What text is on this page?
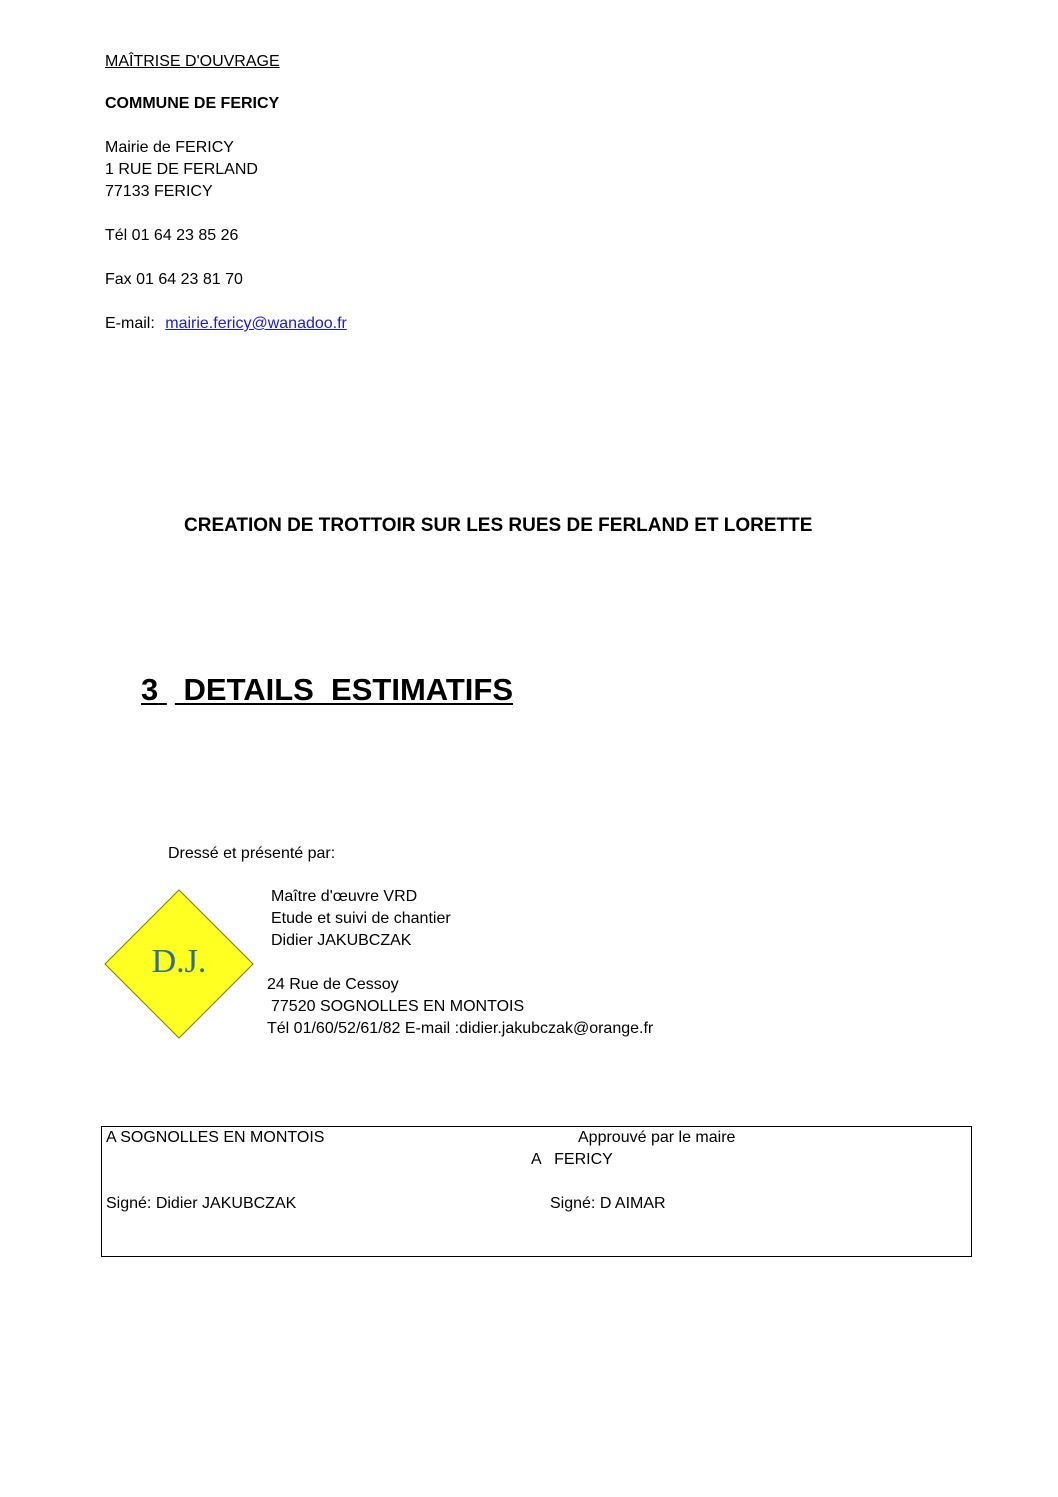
MAÎTRISE D'OUVRAGE
COMMUNE DE FERICY
Mairie de FERICY
1 RUE DE FERLAND
77133 FERICY
Tél 01 64 23 85 26
Fax 01 64 23 81 70
E-mail: mairie.fericy@wanadoo.fr
CREATION DE TROTTOIR SUR LES RUES DE FERLAND ET LORETTE
3 DETAILS  ESTIMATIFS
Dressé et présenté par:
D.J.
Maître d'œuvre VRD
Etude et suivi de chantier
Didier JAKUBCZAK
24 Rue de Cessoy
77520 SOGNOLLES EN MONTOIS
Tél 01/60/52/61/82 E-mail :didier.jakubczak@orange.fr
A SOGNOLLES EN MONTOIS	Approuvé par le maire
A   FERICY
Signé: Didier JAKUBCZAK	Signé: D AIMAR
